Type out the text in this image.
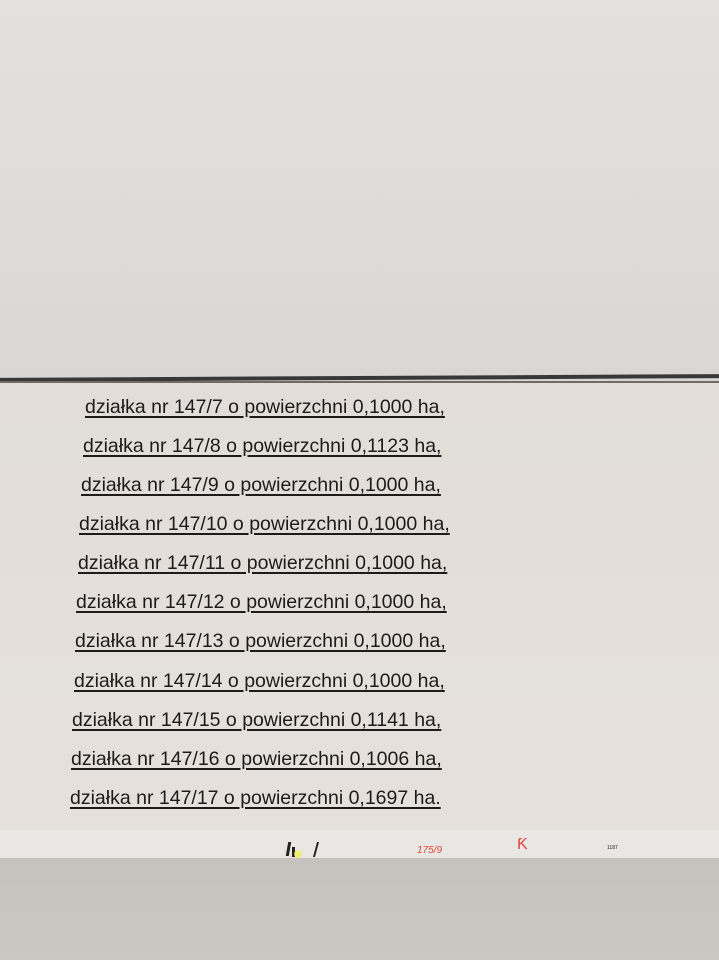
działka nr 147/7 o powierzchni 0,1000 ha,
działka nr 147/8 o powierzchni 0,1123 ha,
działka nr 147/9 o powierzchni 0,1000 ha,
działka nr 147/10 o powierzchni 0,1000 ha,
działka nr 147/11 o powierzchni 0,1000 ha,
działka nr 147/12 o powierzchni 0,1000 ha,
działka nr 147/13 o powierzchni 0,1000 ha,
działka nr 147/14 o powierzchni 0,1000 ha,
działka nr 147/15 o powierzchni 0,1141 ha,
działka nr 147/16 o powierzchni 0,1006 ha,
działka nr 147/17 o powierzchni 0,1697 ha.
175/9	Ƙ	1187
